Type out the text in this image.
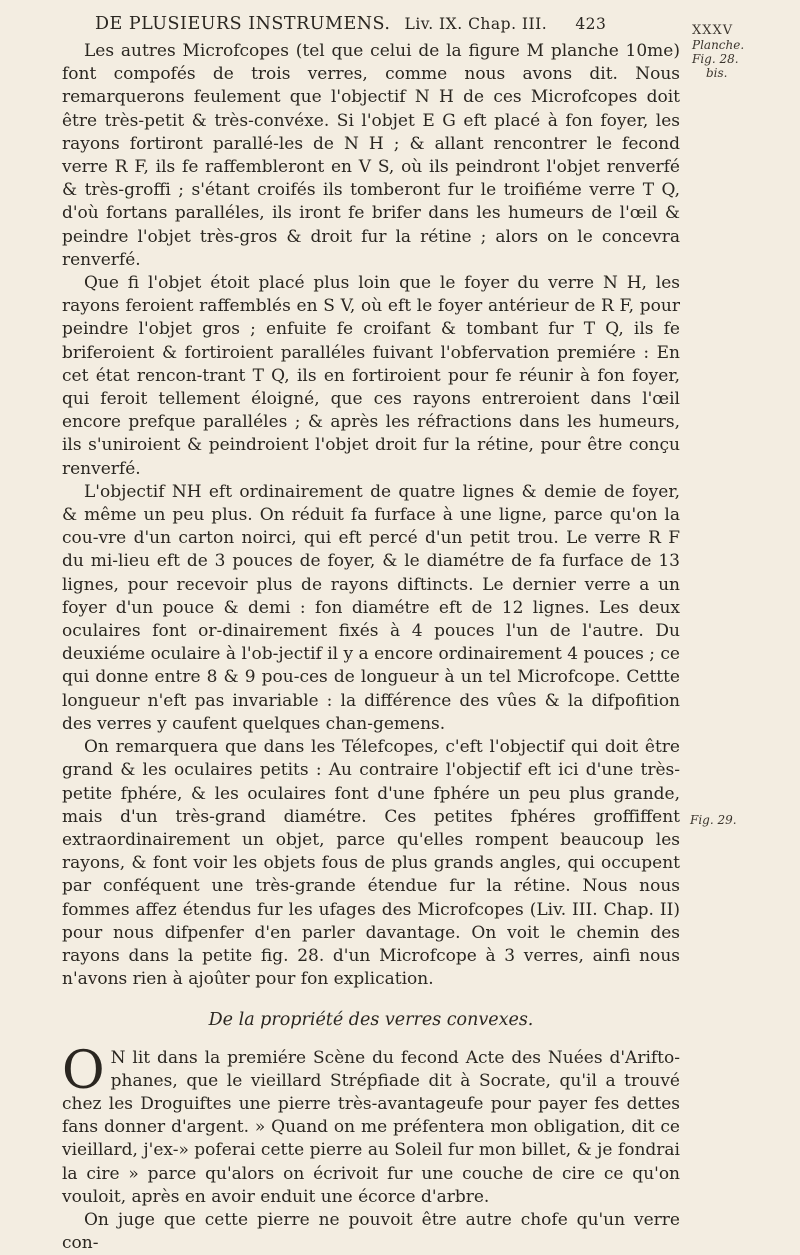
DE PLUSIEURS INSTRUMENS. Liv. IX. Chap. III. 423	XXXV
Planche.
Fig. 28.
bis.
Fig. 29.

Les autres Microfcopes (tel que celui de la figure M planche 10me) font compofés de trois verres, comme nous avons dit. Nous remarquerons feulement que l'objectif N H de ces Microfcopes doit être très-petit & très-convéxe. Si l'objet E G eft placé à fon foyer, les rayons fortiront parallé-les de N H ; & allant rencontrer le fecond verre R F, ils fe raffembleront en V S, où ils peindront l'objet renverfé & très-groffi ; s'étant croifés ils tomberont fur le troifiéme verre T Q, d'où fortans paralléles, ils iront fe brifer dans les humeurs de l'œil & peindre l'objet très-gros & droit fur la rétine ; alors on le concevra renverfé.

Que fi l'objet étoit placé plus loin que le foyer du verre N H, les rayons feroient raffemblés en S V, où eft le foyer antérieur de R F, pour peindre l'objet gros ; enfuite fe croifant & tombant fur T Q, ils fe briferoient & fortiroient paralléles fuivant l'obfervation premiére : En cet état rencon-trant T Q, ils en fortiroient pour fe réunir à fon foyer, qui feroit tellement éloigné, que ces rayons entreroient dans l'œil encore prefque paralléles ; & après les réfractions dans les humeurs, ils s'uniroient & peindroient l'objet droit fur la rétine, pour être conçu renverfé.

L'objectif NH eft ordinairement de quatre lignes & demie de foyer, & même un peu plus. On réduit fa furface à une ligne, parce qu'on la cou-vre d'un carton noirci, qui eft percé d'un petit trou. Le verre R F du mi-lieu eft de 3 pouces de foyer, & le diamétre de fa furface de 13 lignes, pour recevoir plus de rayons diftincts. Le dernier verre a un foyer d'un pouce & demi : fon diamétre eft de 12 lignes. Les deux oculaires font or-dinairement fixés à 4 pouces l'un de l'autre. Du deuxiéme oculaire à l'ob-jectif il y a encore ordinairement 4 pouces ; ce qui donne entre 8 & 9 pou-ces de longueur à un tel Microfcope. Cettte longueur n'eft pas invariable : la différence des vûes & la difpofition des verres y caufent quelques chan-gemens.

On remarquera que dans les Télefcopes, c'eft l'objectif qui doit être grand & les oculaires petits : Au contraire l'objectif eft ici d'une très-petite fphére, & les oculaires font d'une fphére un peu plus grande, mais d'un très-grand diamétre. Ces petites fphéres groffiffent extraordinairement un objet, parce qu'elles rompent beaucoup les rayons, & font voir les objets fous de plus grands angles, qui occupent par conféquent une très-grande étendue fur la rétine. Nous nous fommes affez étendus fur les ufages des Microfcopes (Liv. III. Chap. II) pour nous difpenfer d'en parler davantage. On voit le chemin des rayons dans la petite fig. 28. d'un Microfcope à 3 verres, ainfi nous n'avons rien à ajoûter pour fon explication.

De la propriété des verres convexes.

O N lit dans la premiére Scène du fecond Acte des Nuées d'Arifto-phanes, que le vieillard Strépfiade dit à Socrate, qu'il a trouvé chez les Droguiftes une pierre très-avantageufe pour payer fes dettes fans donner d'argent. » Quand on me préfentera mon obligation, dit ce vieillard, j'ex-» poferai cette pierre au Soleil fur mon billet, & je fondrai la cire » parce qu'alors on écrivoit fur une couche de cire ce qu'on vouloit, après en avoir enduit une écorce d'arbre.

On juge que cette pierre ne pouvoit être autre chofe qu'un verre con-
